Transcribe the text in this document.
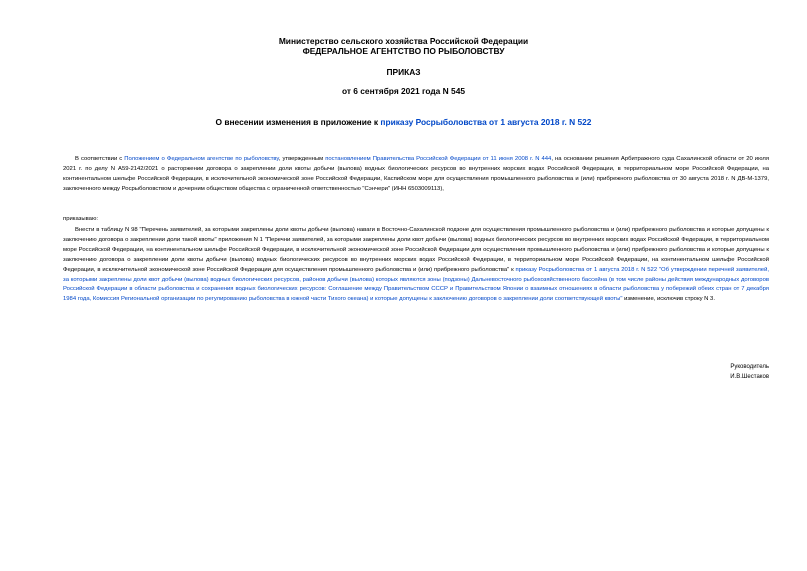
Министерство сельского хозяйства Российской Федерации
ФЕДЕРАЛЬНОЕ АГЕНТСТВО ПО РЫБОЛОВСТВУ
ПРИКАЗ
от 6 сентября 2021 года N 545
О внесении изменения в приложение к приказу Росрыболовства от 1 августа 2018 г. N 522
В соответствии с Положением о Федеральном агентстве по рыболовству, утвержденным постановлением Правительства Российской Федерации от 11 июня 2008 г. N 444, на основании решения Арбитражного суда Сахалинской области от 20 июля 2021 г. по делу N А59-2142/2021 о расторжении договора о закреплении доли квоты добычи (вылова) водных биологических ресурсов во внутренних морских водах Российской Федерации, в территориальном море Российской Федерации, на континентальном шельфе Российской Федерации, в исключительной экономической зоне Российской Федерации, Каспийском море для осуществления промышленного рыболовства и (или) прибрежного рыболовства от 30 августа 2018 г. N ДВ-М-1379, заключенного между Росрыболовством и дочерним обществом общества с ограниченной ответственностью "Сэнчери" (ИНН 6503009113),
приказываю:
Внести в таблицу N 98 "Перечень заявителей, за которыми закреплены доли квоты добычи (вылова) наваги в Восточно-Сахалинской подзоне для осуществления промышленного рыболовства и (или) прибрежного рыболовства и которые допущены к заключению договора о закреплении доли такой квоты" приложения N 1 "Перечни заявителей, за которыми закреплены доли квот добычи (вылова) водных биологических ресурсов во внутренних морских водах Российской Федерации, в территориальном море Российской Федерации, на континентальном шельфе Российской Федерации, в исключительной экономической зоне Российской Федерации для осуществления промышленного рыболовства и (или) прибрежного рыболовства и которые допущены к заключению договора о закреплении доли квоты добычи (вылова) водных биологических ресурсов во внутренних морских водах Российской Федерации, в территориальном море Российской Федерации, на континентальном шельфе Российской Федерации, в исключительной экономической зоне Российской Федерации для осуществления промышленного рыболовства и (или) прибрежного рыболовства" к приказу Росрыболовства от 1 августа 2018 г. N 522 "Об утверждении перечней заявителей, за которыми закреплены доли квот добычи (вылова) водных биологических ресурсов, районов добычи (вылова) которых являются зоны (подзоны) Дальневосточного рыбохозяйственного бассейна (в том числе районы действия международных договоров Российской Федерации в области рыболовства и сохранения водных биологических ресурсов: Соглашение между Правительством СССР и Правительством Японии о взаимных отношениях в области рыболовства у побережий обеих стран от 7 декабря 1984 года, Комиссия Региональной организации по регулированию рыболовства в южной части Тихого океана) и которые допущены к заключению договоров о закреплении доли соответствующей квоты" изменение, исключив строку N 3.
Руководитель
И.В.Шестаков
